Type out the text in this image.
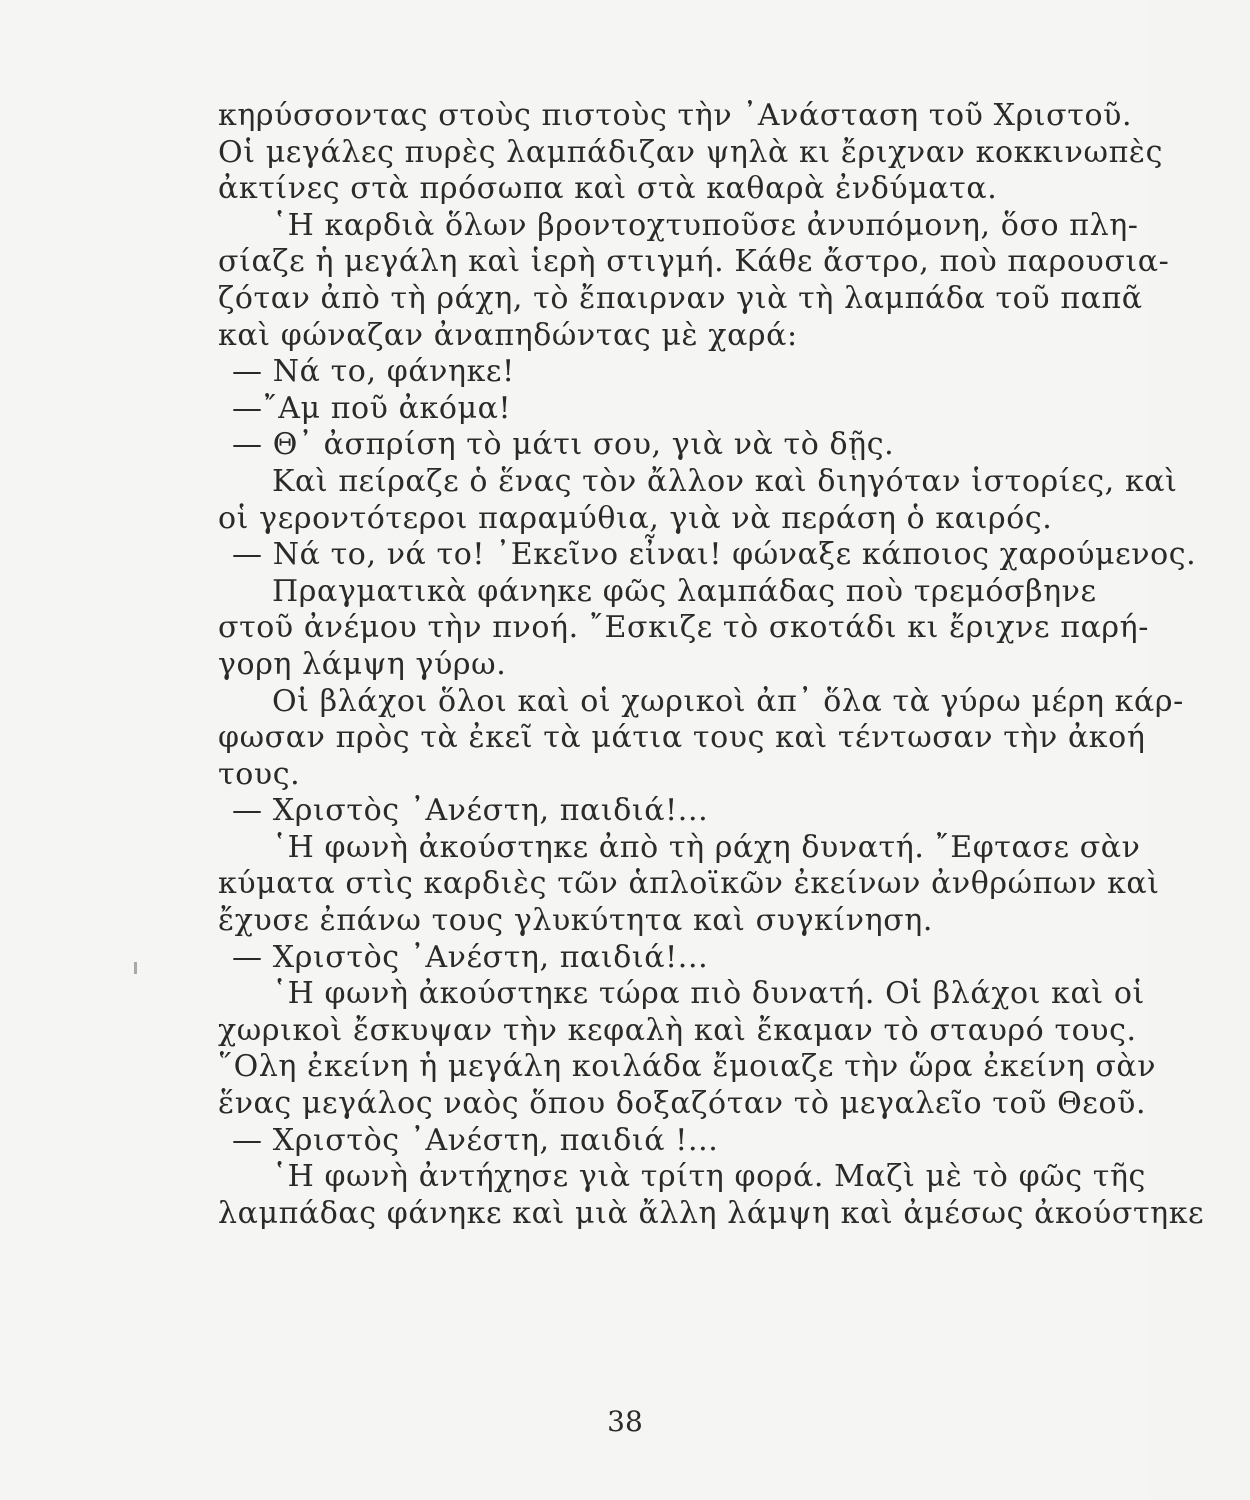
κηρύσσοντας στοὺς πιστοὺς τὴν ᾿Ανάσταση τοῦ Χριστοῦ.
Οἱ μεγάλες πυρὲς λαμπάδιζαν ψηλὰ κι ἔριχναν κοκκινωπὲς
ἀκτίνες στὰ πρόσωπα καὶ στὰ καθαρὰ ἐνδύματα.
῾Η καρδιὰ ὅλων βροντοχτυποῦσε ἀνυπόμονη, ὅσο πλη-
σίαζε ἡ μεγάλη καὶ ἱερὴ στιγμή. Κάθε ἄστρο, ποὺ παρουσια-
ζόταν ἀπὸ τὴ ράχη, τὸ ἔπαιρναν γιὰ τὴ λαμπάδα τοῦ παπᾶ
καὶ φώναζαν ἀναπηδώντας μὲ χαρά:
— Νά το, φάνηκε!
—῎Αμ ποῦ ἀκόμα!
— Θ᾿ ἀσπρίση τὸ μάτι σου, γιὰ νὰ τὸ δῇς.
Καὶ πείραζε ὁ ἕνας τὸν ἄλλον καὶ διηγόταν ἱστορίες, καὶ
οἱ γεροντότεροι παραμύθια, γιὰ νὰ περάση ὁ καιρός.
— Νά το, νά το! ᾿Εκεῖνο εἶναι! φώναξε κάποιος χαρούμενος.
Πραγματικὰ φάνηκε φῶς λαμπάδας ποὺ τρεμόσβηνε
στοῦ ἀνέμου τὴν πνοή. ῎Εσκιζε τὸ σκοτάδι κι ἔριχνε παρή-
γορη λάμψη γύρω.
Οἱ βλάχοι ὅλοι καὶ οἱ χωρικοὶ ἀπ᾿ ὅλα τὰ γύρω μέρη κάρ-
φωσαν πρὸς τὰ ἐκεῖ τὰ μάτια τους καὶ τέντωσαν τὴν ἀκοή
τους.
— Χριστὸς ᾿Ανέστη, παιδιά!...
῾Η φωνὴ ἀκούστηκε ἀπὸ τὴ ράχη δυνατή. ῎Εφτασε σὰν
κύματα στὶς καρδιὲς τῶν ἁπλοϊκῶν ἐκείνων ἀνθρώπων καὶ
ἔχυσε ἐπάνω τους γλυκύτητα καὶ συγκίνηση.
— Χριστὸς ᾿Ανέστη, παιδιά!...
῾Η φωνὴ ἀκούστηκε τώρα πιὸ δυνατή. Οἱ βλάχοι καὶ οἱ
χωρικοὶ ἔσκυψαν τὴν κεφαλὴ καὶ ἔκαμαν τὸ σταυρό τους.
῞Ολη ἐκείνη ἡ μεγάλη κοιλάδα ἔμοιαζε τὴν ὥρα ἐκείνη σὰν
ἕνας μεγάλος ναὸς ὅπου δοξαζόταν τὸ μεγαλεῖο τοῦ Θεοῦ.
— Χριστὸς ᾿Ανέστη, παιδιά !...
῾Η φωνὴ ἀντήχησε γιὰ τρίτη φορά. Μαζὶ μὲ τὸ φῶς τῆς
λαμπάδας φάνηκε καὶ μιὰ ἄλλη λάμψη καὶ ἀμέσως ἀκούστηκε
38
